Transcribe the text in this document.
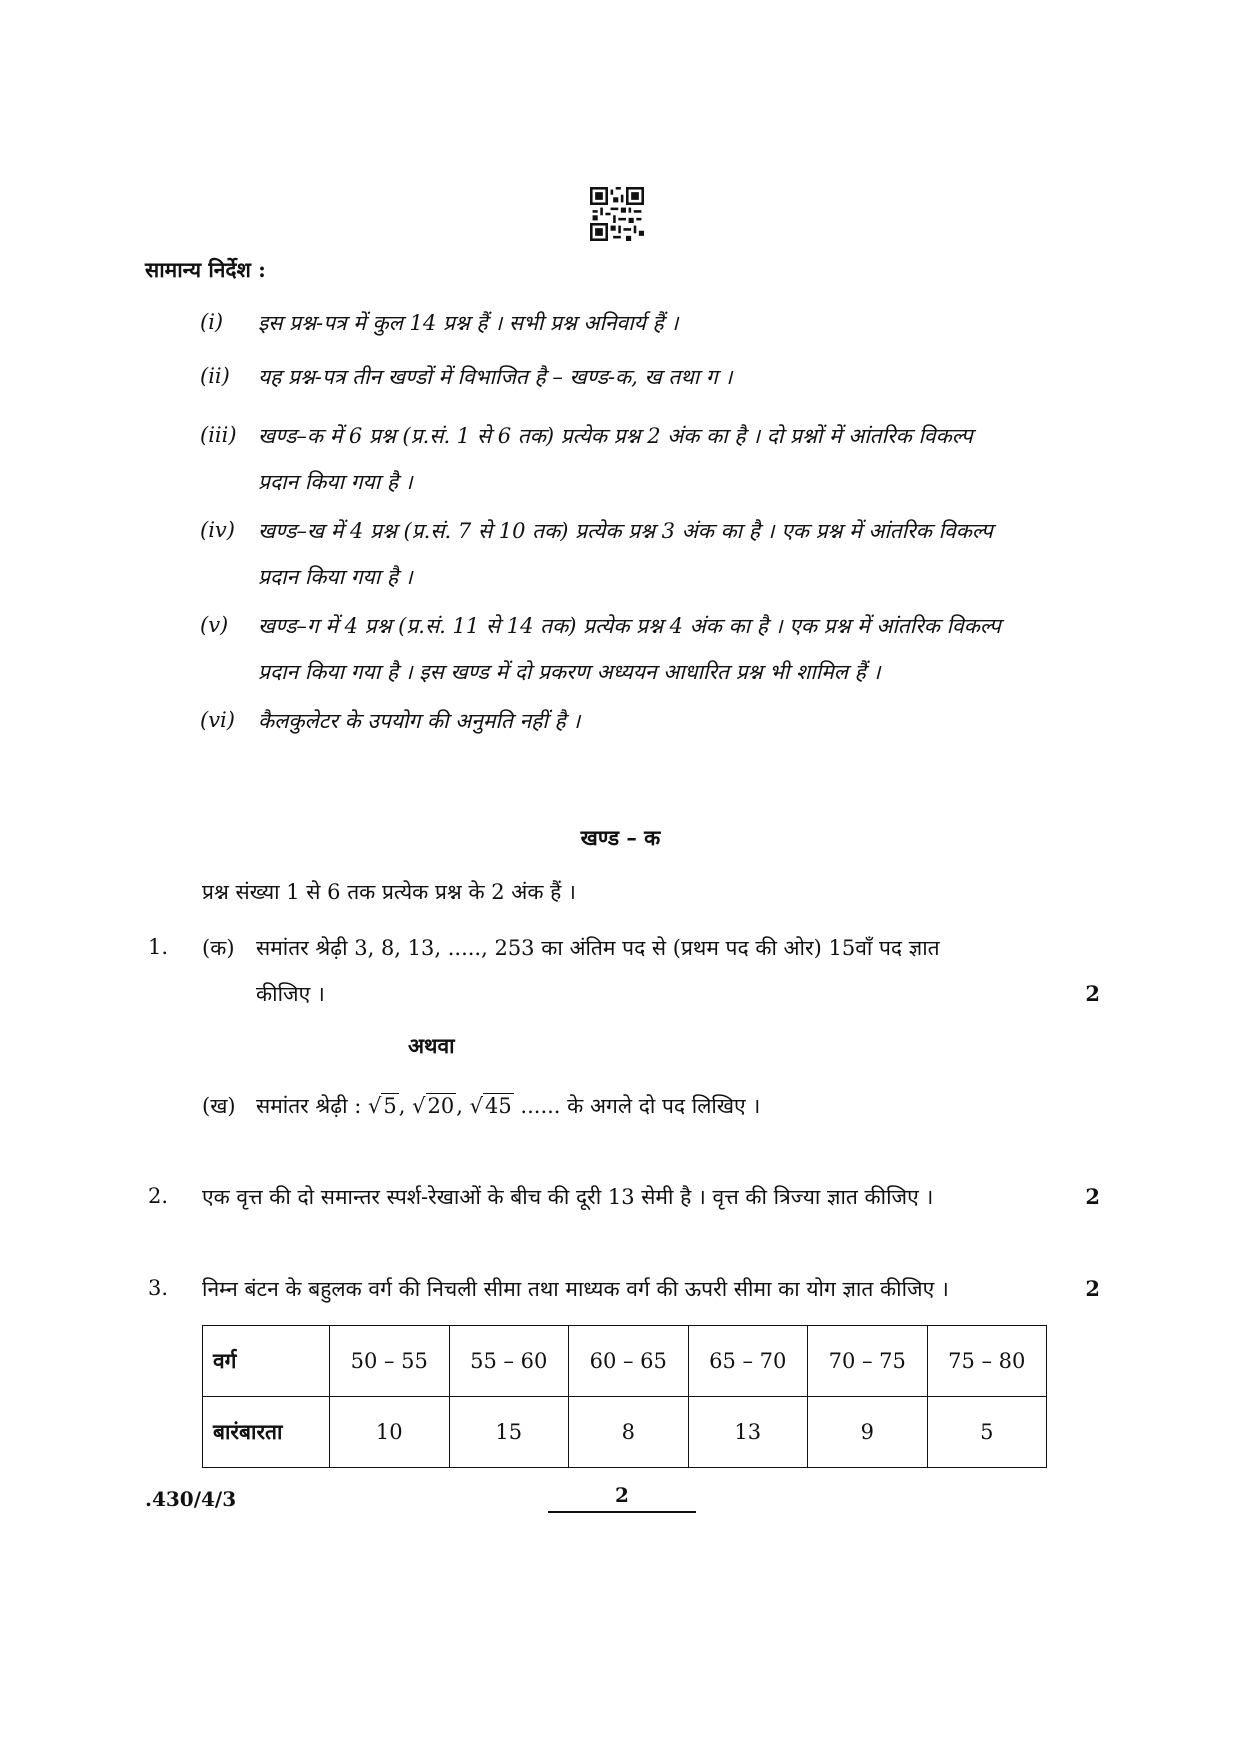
सामान्य निर्देश :
(i) इस प्रश्न-पत्र में कुल 14 प्रश्न हैं । सभी प्रश्न अनिवार्य हैं ।
(ii) यह प्रश्न-पत्र तीन खण्डों में विभाजित है – खण्ड-क, ख तथा ग ।
(iii) खण्ड–क में 6 प्रश्न (प्र.सं. 1 से 6 तक) प्रत्येक प्रश्न 2 अंक का है । दो प्रश्नों में आंतरिक विकल्प
प्रदान किया गया है ।
(iv) खण्ड–ख में 4 प्रश्न (प्र.सं. 7 से 10 तक) प्रत्येक प्रश्न 3 अंक का है । एक प्रश्न में आंतरिक विकल्प
प्रदान किया गया है ।
(v) खण्ड–ग में 4 प्रश्न (प्र.सं. 11 से 14 तक) प्रत्येक प्रश्न 4 अंक का है । एक प्रश्न में आंतरिक विकल्प
प्रदान किया गया है । इस खण्ड में दो प्रकरण अध्ययन आधारित प्रश्न भी शामिल हैं ।
(vi) कैलकुलेटर के उपयोग की अनुमति नहीं है ।
खण्ड – क
प्रश्न संख्या 1 से 6 तक प्रत्येक प्रश्न के 2 अंक हैं ।
1. (क) समांतर श्रेढ़ी 3, 8, 13, ....., 253 का अंतिम पद से (प्रथम पद की ओर) 15वाँ पद ज्ञात
कीजिए ।	2
अथवा
(ख) समांतर श्रेढ़ी : √5, √20, √45 ...... के अगले दो पद लिखिए ।
2. एक वृत्त की दो समान्तर स्पर्श-रेखाओं के बीच की दूरी 13 सेमी है । वृत्त की त्रिज्या ज्ञात कीजिए ।	2
3. निम्न बंटन के बहुलक वर्ग की निचली सीमा तथा माध्यक वर्ग की ऊपरी सीमा का योग ज्ञात कीजिए ।	2
वर्ग	50 – 55	55 – 60	60 – 65	65 – 70	70 – 75	75 – 80
बारंबारता	10	15	8	13	9	5
.430/4/3	2
